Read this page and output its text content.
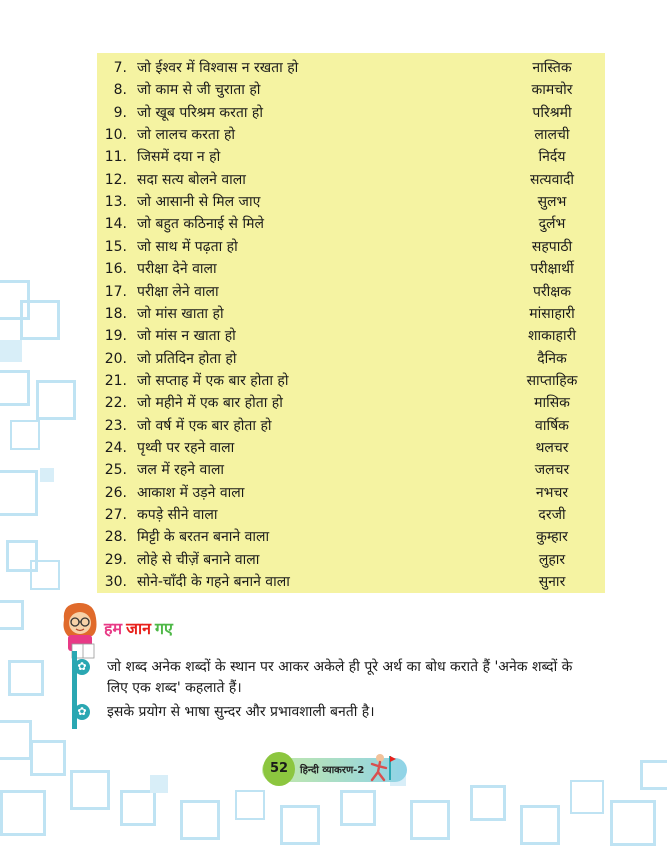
7. जो ईश्वर में विश्वास न रखता हो	नास्तिक
8. जो काम से जी चुराता हो	कामचोर
9. जो खूब परिश्रम करता हो	परिश्रमी
10. जो लालच करता हो	लालची
11. जिसमें दया न हो	निर्दय
12. सदा सत्य बोलने वाला	सत्यवादी
13. जो आसानी से मिल जाए	सुलभ
14. जो बहुत कठिनाई से मिले	दुर्लभ
15. जो साथ में पढ़ता हो	सहपाठी
16. परीक्षा देने वाला	परीक्षार्थी
17. परीक्षा लेने वाला	परीक्षक
18. जो मांस खाता हो	मांसाहारी
19. जो मांस न खाता हो	शाकाहारी
20. जो प्रतिदिन होता हो	दैनिक
21. जो सप्ताह में एक बार होता हो	साप्ताहिक
22. जो महीने में एक बार होता हो	मासिक
23. जो वर्ष में एक बार होता हो	वार्षिक
24. पृथ्वी पर रहने वाला	थलचर
25. जल में रहने वाला	जलचर
26. आकाश में उड़ने वाला	नभचर
27. कपड़े सीने वाला	दरजी
28. मिट्टी के बरतन बनाने वाला	कुम्हार
29. लोहे से चीज़ें बनाने वाला	लुहार
30. सोने-चाँदी के गहने बनाने वाला	सुनार
हम जान गए
✿ जो शब्द अनेक शब्दों के स्थान पर आकर अकेले ही पूरे अर्थ का बोध कराते हैं 'अनेक शब्दों के
लिए एक शब्द' कहलाते हैं।
✿ इसके प्रयोग से भाषा सुन्दर और प्रभावशाली बनती है।
52	हिन्दी व्याकरण-2
